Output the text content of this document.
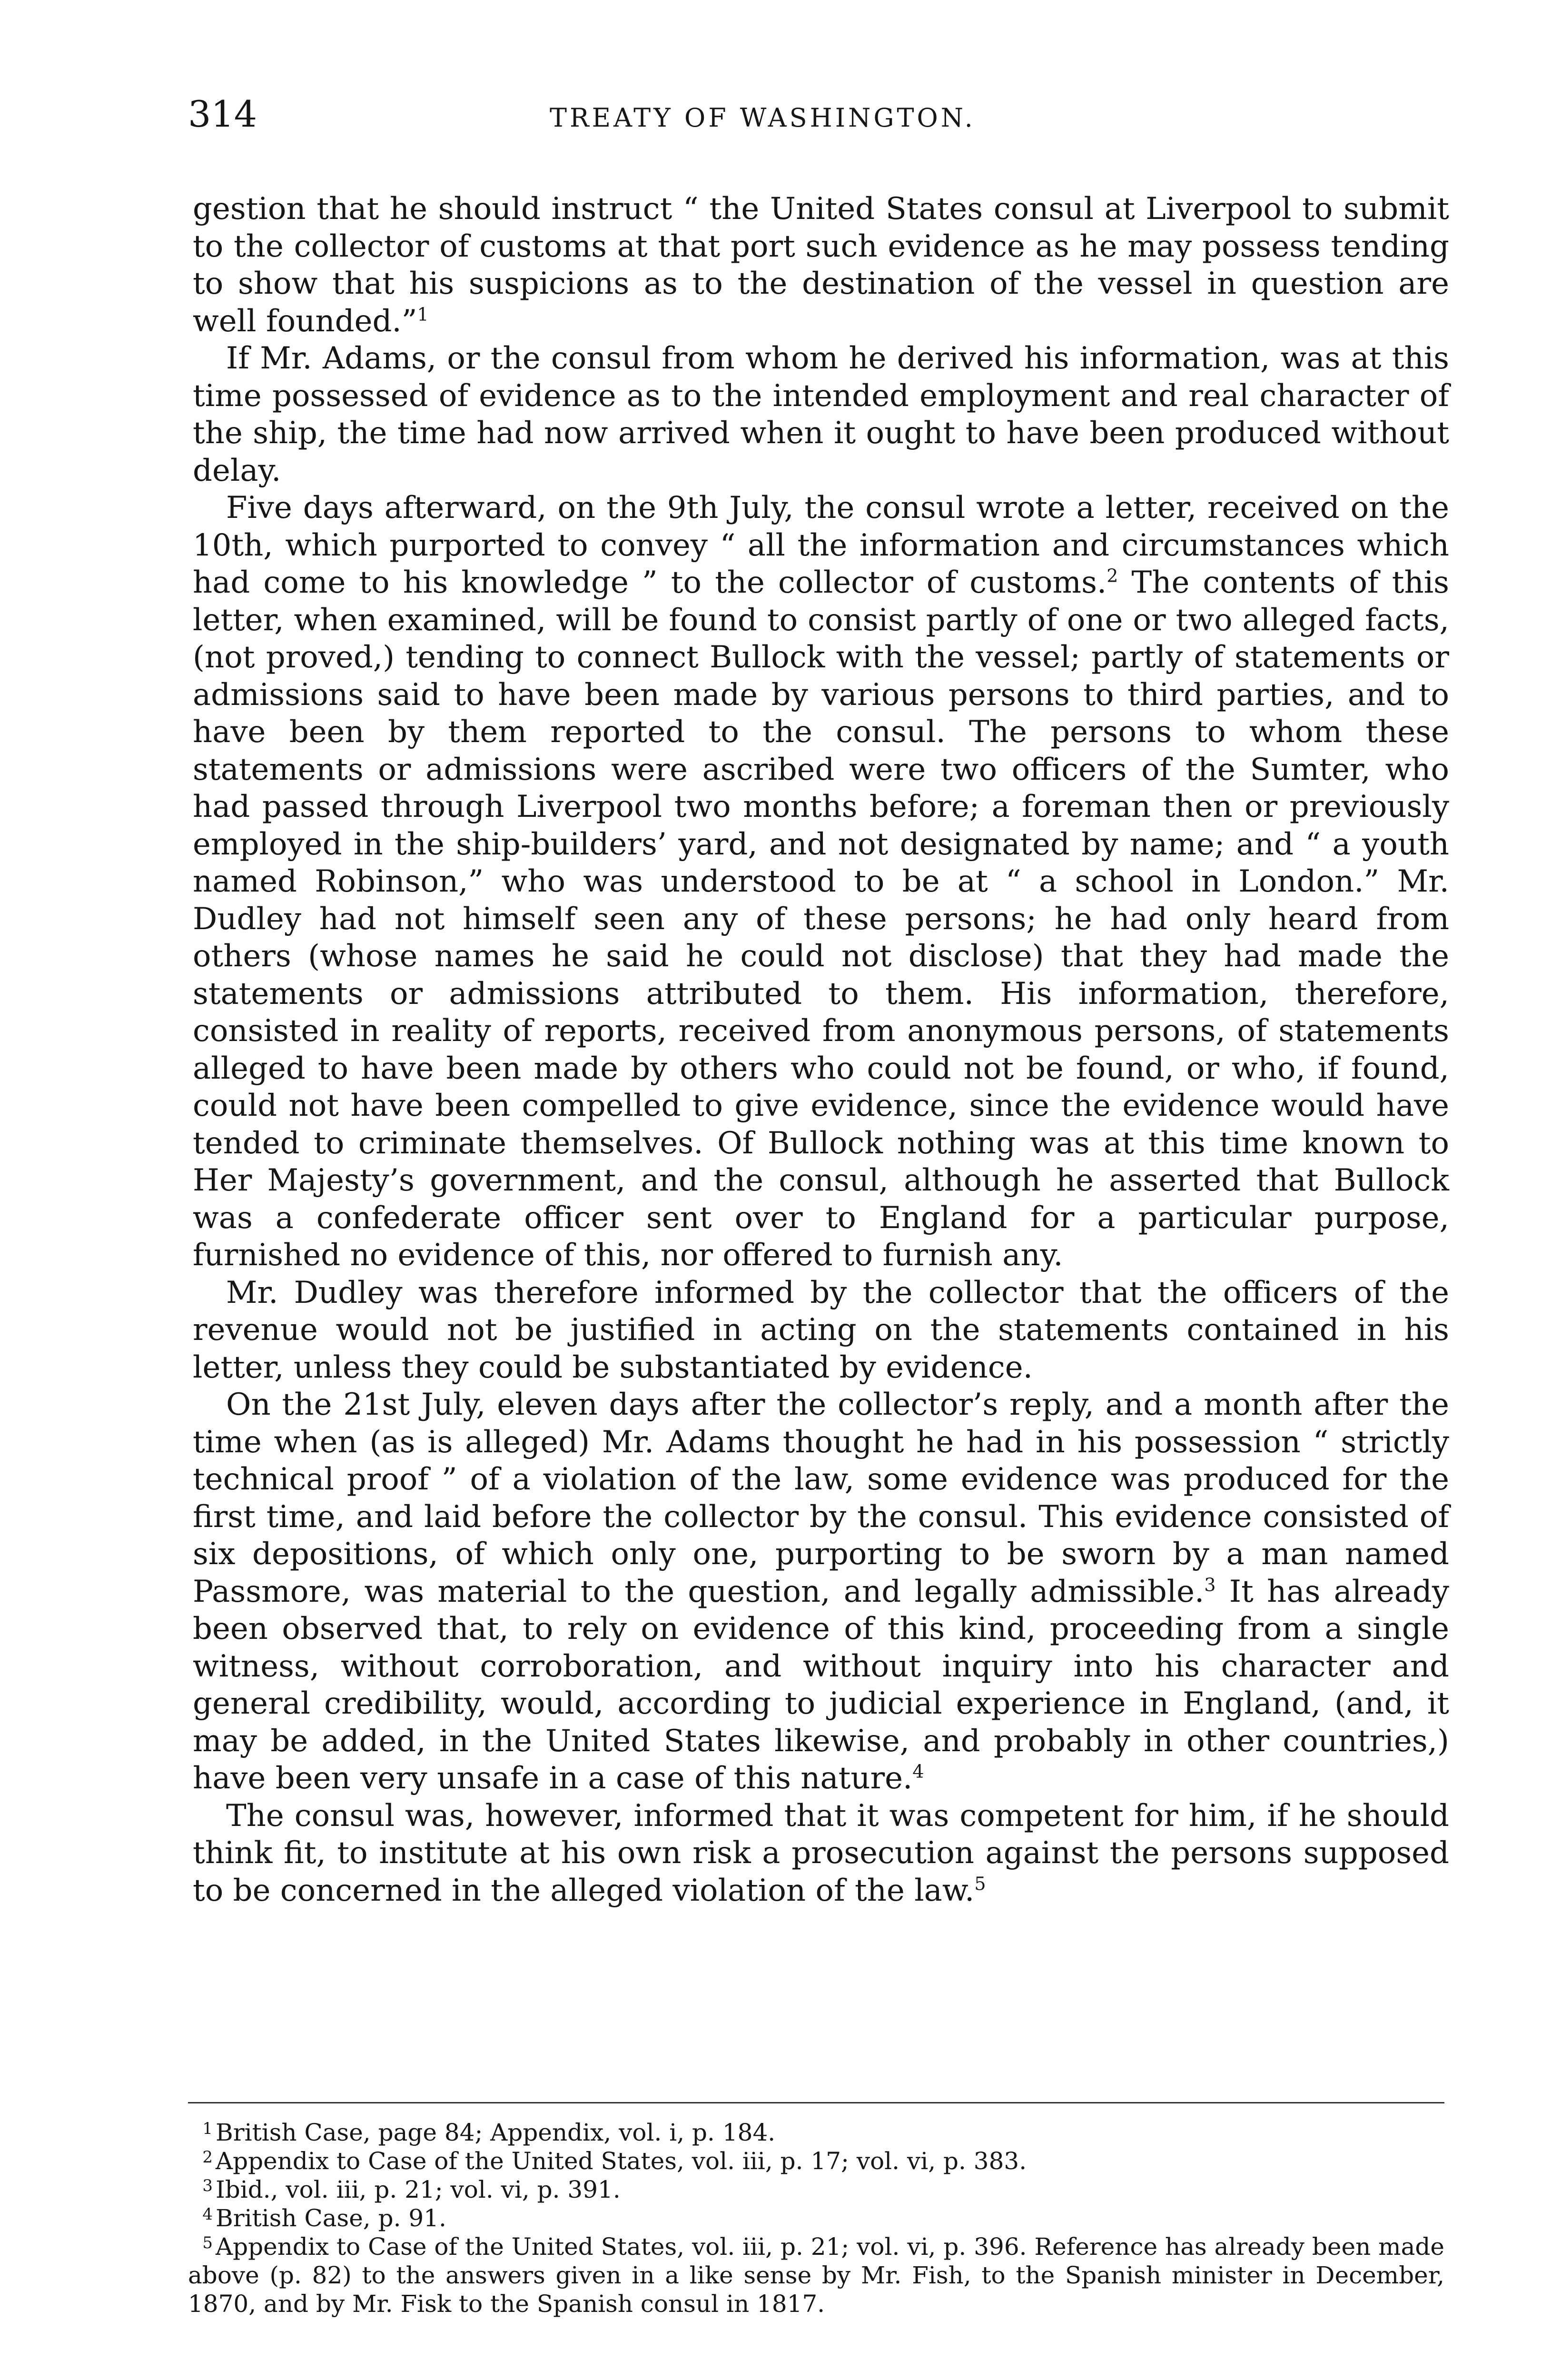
314	TREATY OF WASHINGTON.

gestion that he should instruct “ the United States consul at Liverpool to submit to the collector of customs at that port such evidence as he may possess tending to show that his suspicions as to the destination of the vessel in question are well founded.”$^1$

If Mr. Adams, or the consul from whom he derived his information, was at this time possessed of evidence as to the intended employment and real character of the ship, the time had now arrived when it ought to have been produced without delay.

Five days afterward, on the 9th July, the consul wrote a letter, received on the 10th, which purported to convey “ all the information and circumstances which had come to his knowledge ” to the collector of customs.$^2$ The contents of this letter, when examined, will be found to consist partly of one or two alleged facts, (not proved,) tending to connect Bullock with the vessel; partly of statements or admissions said to have been made by various persons to third parties, and to have been by them reported to the consul. The persons to whom these statements or admissions were ascribed were two officers of the Sumter, who had passed through Liverpool two months before; a foreman then or previously employed in the ship-builders’ yard, and not designated by name; and “ a youth named Robinson,” who was understood to be at “ a school in London.” Mr. Dudley had not himself seen any of these persons; he had only heard from others (whose names he said he could not disclose) that they had made the statements or admissions attributed to them. His information, therefore, consisted in reality of reports, received from anonymous persons, of statements alleged to have been made by others who could not be found, or who, if found, could not have been compelled to give evidence, since the evidence would have tended to criminate themselves. Of Bullock nothing was at this time known to Her Majesty’s government, and the consul, although he asserted that Bullock was a confederate officer sent over to England for a particular purpose, furnished no evidence of this, nor offered to furnish any.

Mr. Dudley was therefore informed by the collector that the officers of the revenue would not be justified in acting on the statements contained in his letter, unless they could be substantiated by evidence.

On the 21st July, eleven days after the collector’s reply, and a month after the time when (as is alleged) Mr. Adams thought he had in his possession “ strictly technical proof ” of a violation of the law, some evidence was produced for the first time, and laid before the collector by the consul. This evidence consisted of six depositions, of which only one, purporting to be sworn by a man named Passmore, was material to the question, and legally admissible.$^3$ It has already been observed that, to rely on evidence of this kind, proceeding from a single witness, without corroboration, and without inquiry into his character and general credibility, would, according to judicial experience in England, (and, it may be added, in the United States likewise, and probably in other countries,) have been very unsafe in a case of this nature.$^4$

The consul was, however, informed that it was competent for him, if he should think fit, to institute at his own risk a prosecution against the persons supposed to be concerned in the alleged violation of the law.$^5$

1 British Case, page 84; Appendix, vol. i, p. 184.

2 Appendix to Case of the United States, vol. iii, p. 17; vol. vi, p. 383.

3 Ibid., vol. iii, p. 21; vol. vi, p. 391.

4 British Case, p. 91.

5 Appendix to Case of the United States, vol. iii, p. 21; vol. vi, p. 396. Reference has already been made above (p. 82) to the answers given in a like sense by Mr. Fish, to the Spanish minister in December, 1870, and by Mr. Fisk to the Spanish consul in 1817.
